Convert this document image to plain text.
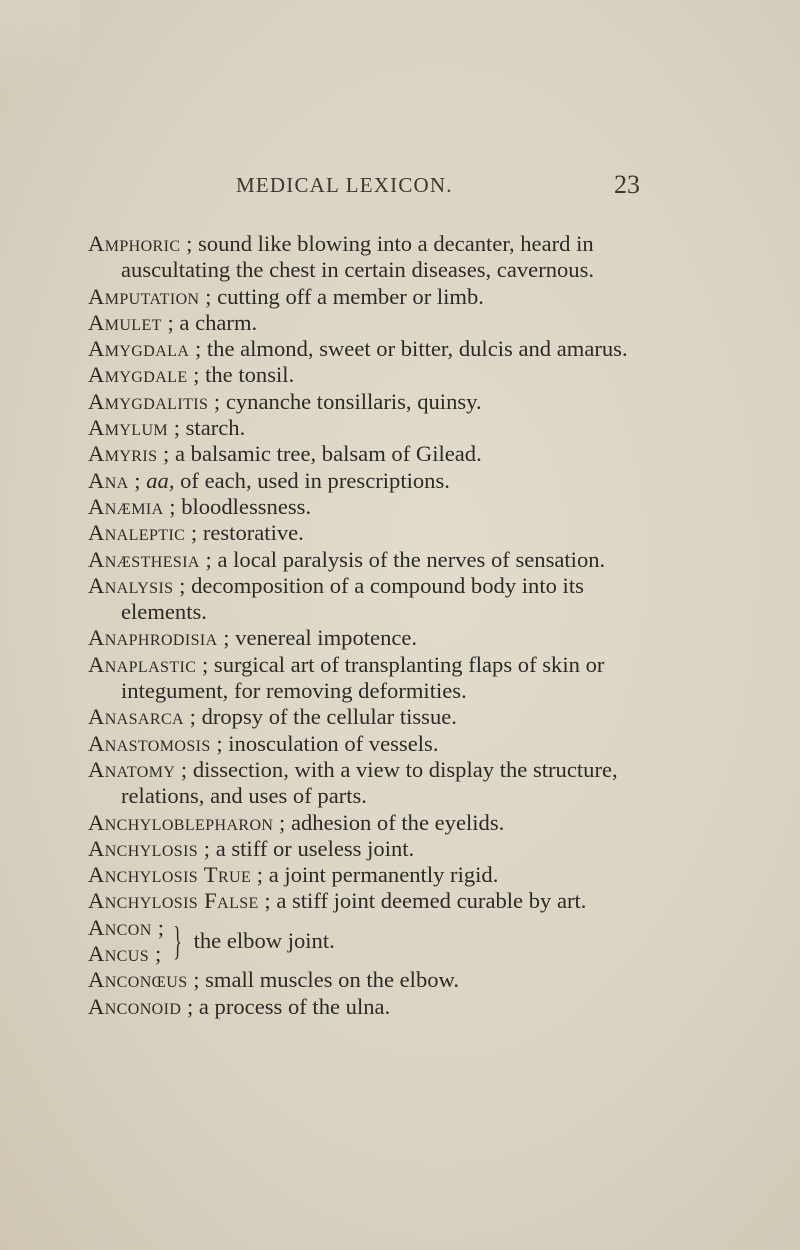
MEDICAL LEXICON.	23

Amphoric ; sound like blowing into a decanter, heard in auscultating the chest in certain diseases, cavernous.

Amputation ; cutting off a member or limb.

Amulet ; a charm.

Amygdala ; the almond, sweet or bitter, dulcis and amarus.

Amygdale ; the tonsil.

Amygdalitis ; cynanche tonsillaris, quinsy.

Amylum ; starch.

Amyris ; a balsamic tree, balsam of Gilead.

Ana ; aa, of each, used in prescriptions.

Anæmia ; bloodlessness.

Analeptic ; restorative.

Anæsthesia ; a local paralysis of the nerves of sensation.

Analysis ; decomposition of a compound body into its elements.

Anaphrodisia ; venereal impotence.

Anaplastic ; surgical art of transplanting flaps of skin or integument, for removing deformities.

Anasarca ; dropsy of the cellular tissue.

Anastomosis ; inosculation of vessels.

Anatomy ; dissection, with a view to display the structure, relations, and uses of parts.

Anchyloblepharon ; adhesion of the eyelids.

Anchylosis ; a stiff or useless joint.

Anchylosis True ; a joint permanently rigid.

Anchylosis False ; a stiff joint deemed curable by art.

Ancon ;
Ancus ; } the elbow joint.

Anconœus ; small muscles on the elbow.

Anconoid ; a process of the ulna.
